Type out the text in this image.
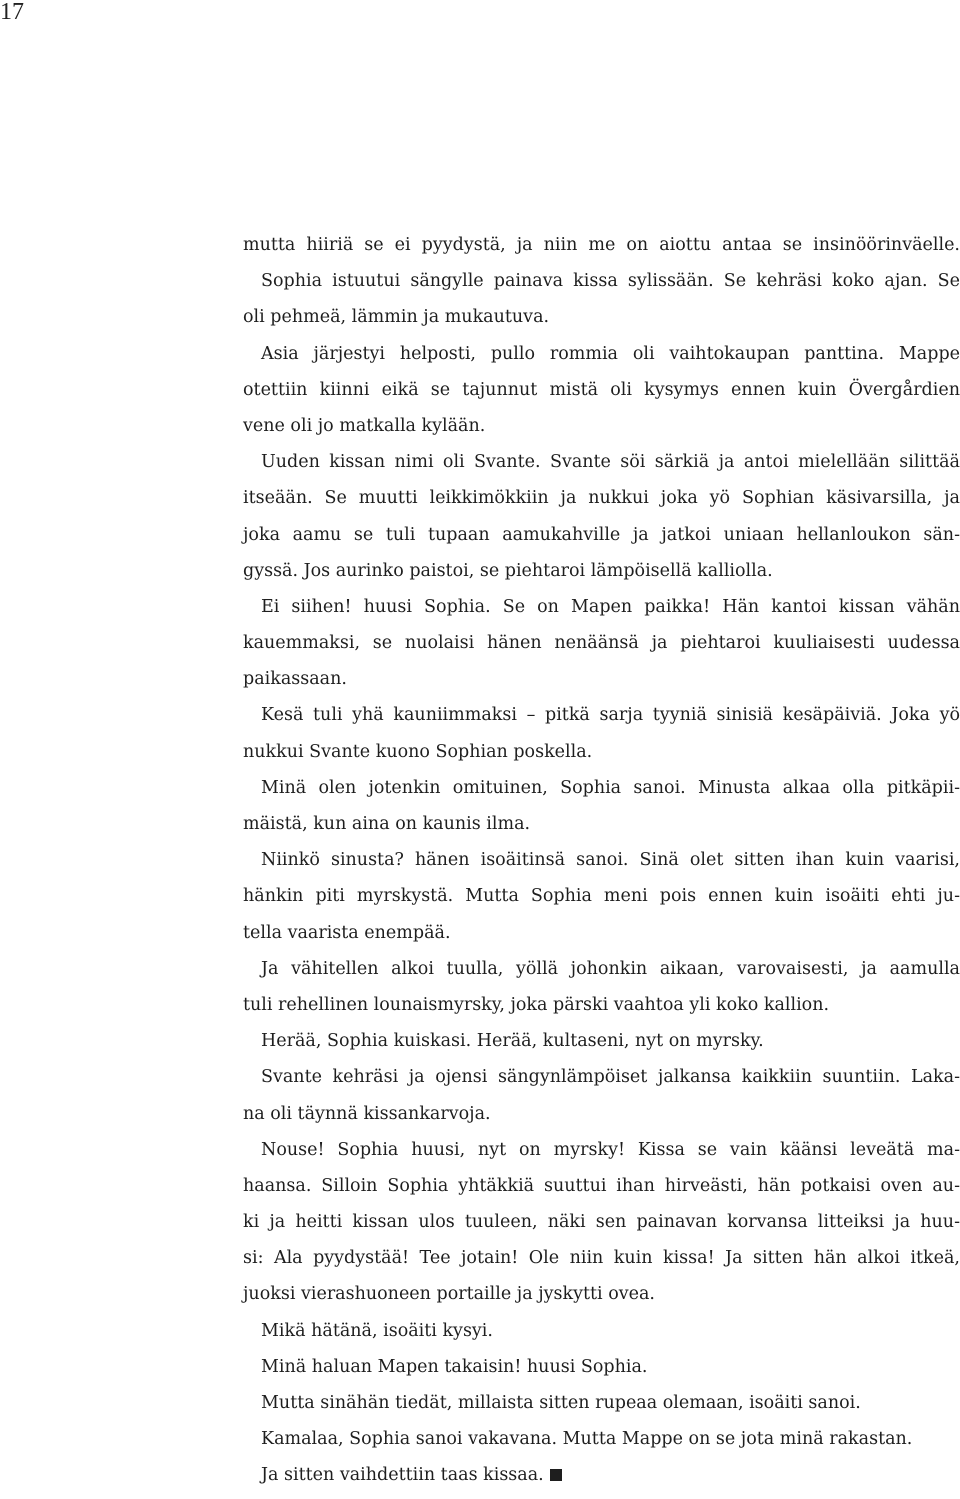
17
mutta hiiriä se ei pyydystä, ja niin me on aiottu antaa se insinöörinväelle.
Sophia istuutui sängylle painava kissa sylissään. Se kehräsi koko ajan. Se
oli pehmeä, lämmin ja mukautuva.
Asia järjestyi helposti, pullo rommia oli vaihtokaupan panttina. Mappe
otettiin kiinni eikä se tajunnut mistä oli kysymys ennen kuin Övergårdien
vene oli jo matkalla kylään.
Uuden kissan nimi oli Svante. Svante söi särkiä ja antoi mielellään silittää
itseään. Se muutti leikkimökkiin ja nukkui joka yö Sophian käsivarsilla, ja
joka aamu se tuli tupaan aamukahville ja jatkoi uniaan hellanloukon sän-
gyssä. Jos aurinko paistoi, se piehtaroi lämpöisellä kalliolla.
Ei siihen! huusi Sophia. Se on Mapen paikka! Hän kantoi kissan vähän
kauemmaksi, se nuolaisi hänen nenäänsä ja piehtaroi kuuliaisesti uudessa
paikassaan.
Kesä tuli yhä kauniimmaksi – pitkä sarja tyyniä sinisiä kesäpäiviä. Joka yö
nukkui Svante kuono Sophian poskella.
Minä olen jotenkin omituinen, Sophia sanoi. Minusta alkaa olla pitkäpii-
mäistä, kun aina on kaunis ilma.
Niinkö sinusta? hänen isoäitinsä sanoi. Sinä olet sitten ihan kuin vaarisi,
hänkin piti myrskystä. Mutta Sophia meni pois ennen kuin isoäiti ehti ju-
tella vaarista enempää.
Ja vähitellen alkoi tuulla, yöllä johonkin aikaan, varovaisesti, ja aamulla
tuli rehellinen lounaismyrsky, joka pärski vaahtoa yli koko kallion.
Herää, Sophia kuiskasi. Herää, kultaseni, nyt on myrsky.
Svante kehräsi ja ojensi sängynlämpöiset jalkansa kaikkiin suuntiin. Laka-
na oli täynnä kissankarvoja.
Nouse! Sophia huusi, nyt on myrsky! Kissa se vain käänsi leveätä ma-
haansa. Silloin Sophia yhtäkkiä suuttui ihan hirveästi, hän potkaisi oven au-
ki ja heitti kissan ulos tuuleen, näki sen painavan korvansa litteiksi ja huu-
si: Ala pyydystää! Tee jotain! Ole niin kuin kissa! Ja sitten hän alkoi itkeä,
juoksi vierashuoneen portaille ja jyskytti ovea.
Mikä hätänä, isoäiti kysyi.
Minä haluan Mapen takaisin! huusi Sophia.
Mutta sinähän tiedät, millaista sitten rupeaa olemaan, isoäiti sanoi.
Kamalaa, Sophia sanoi vakavana. Mutta Mappe on se jota minä rakastan.
Ja sitten vaihdettiin taas kissaa.
